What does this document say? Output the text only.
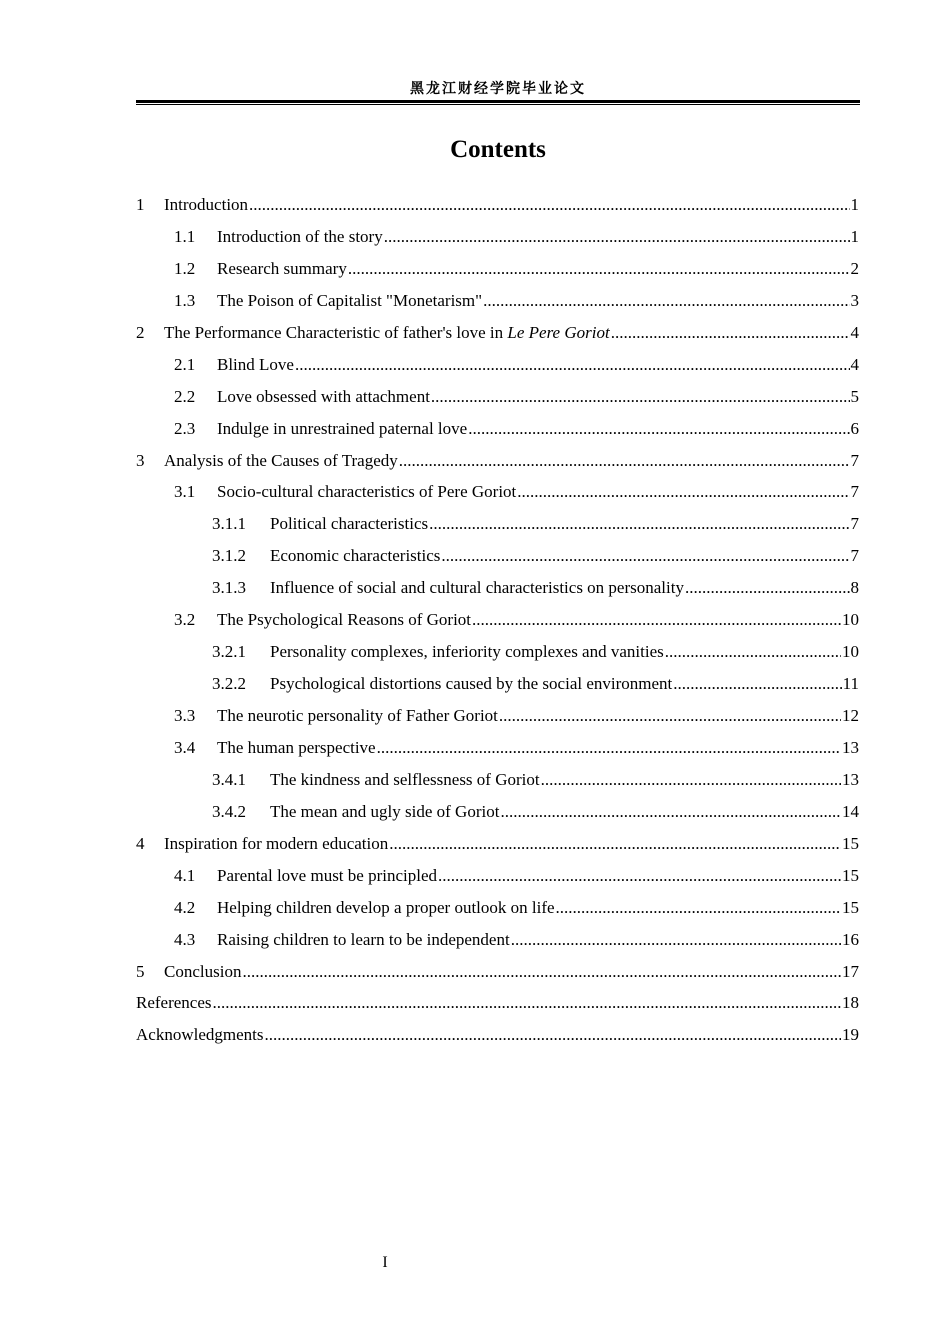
黑龙江财经学院毕业论文
Contents
1	Introduction .....	1
1.1	Introduction of the story .....	1
1.2	Research summary .....	2
1.3	The Poison of Capitalist "Monetarism" .....	3
2	The Performance Characteristic of father's love in Le Pere Goriot .....	4
2.1	Blind Love .....	4
2.2	Love obsessed with attachment .....	5
2.3	Indulge in unrestrained paternal love .....	6
3	Analysis of the Causes of Tragedy .....	7
3.1	Socio-cultural characteristics of Pere Goriot .....	7
3.1.1	Political characteristics .....	7
3.1.2	Economic characteristics .....	7
3.1.3	Influence of social and cultural characteristics on personality .....	8
3.2	The Psychological Reasons of Goriot .....	10
3.2.1	Personality complexes, inferiority complexes and vanities .....	10
3.2.2	Psychological distortions caused by the social environment .....	11
3.3	The neurotic personality of Father Goriot .....	12
3.4	The human perspective .....	13
3.4.1	The kindness and selflessness of Goriot .....	13
3.4.2	The mean and ugly side of Goriot .....	14
4	Inspiration for modern education .....	15
4.1	Parental love must be principled .....	15
4.2	Helping children develop a proper outlook on life .....	15
4.3	Raising children to learn to be independent .....	16
5	Conclusion .....	17
References .....	18
Acknowledgments .....	19
I
